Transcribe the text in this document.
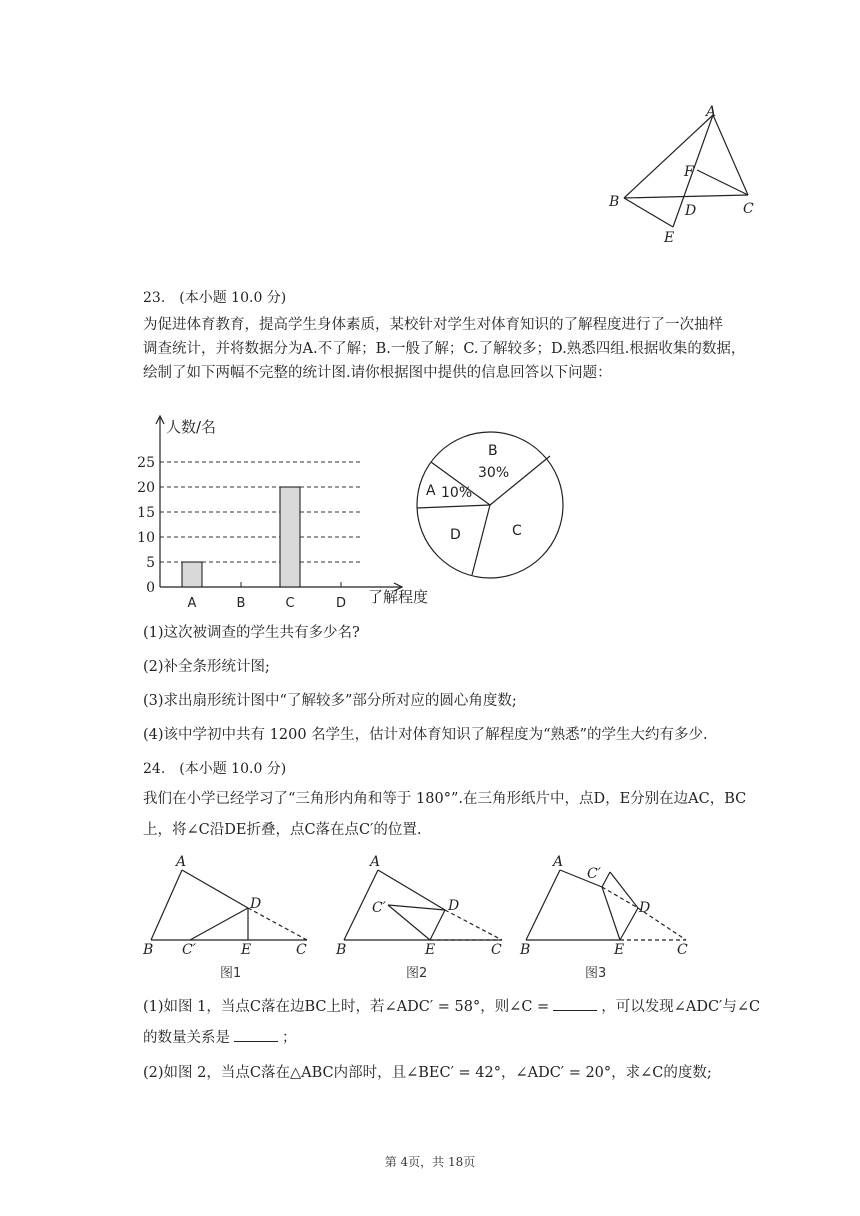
A
F
B
D	C
E
23.　(本小题 10.0 分)
为促进体育教育，提高学生身体素质，某校针对学生对体育知识的了解程度进行了一次抽样
调查统计，并将数据分为A.不了解；B.一般了解；C.了解较多；D.熟悉四组.根据收集的数据，
绘制了如下两幅不完整的统计图.请你根据图中提供的信息回答以下问题：
0
5
10
15
20
25
A	B	C	D
人数/名
了解程度
B
30%
C
D
A 10%
(1)这次被调查的学生共有多少名?
(2)补全条形统计图;
(3)求出扇形统计图中“了解较多”部分所对应的圆心角度数;
(4)该中学初中共有 1200 名学生，估计对体育知识了解程度为“熟悉”的学生大约有多少.
24.　(本小题 10.0 分)
我们在小学已经学习了“三角形内角和等于 180°”.在三角形纸片中，点D，E分别在边AC，BC
上，将∠C沿DE折叠，点C落在点C′的位置.
A
D
B C′	E	C
图1
A
C′	D
B	E	C
图2
A
C′
D
B	E	C
图3
(1)如图 1，当点C落在边BC上时，若∠ADC′ = 58°，则∠C =	，可以发现∠ADC′与∠C
的数量关系是	；
(2)如图 2，当点C落在△ABC内部时，且∠BEC′ = 42°，∠ADC′ = 20°，求∠C的度数;
第 4页，共 18页
